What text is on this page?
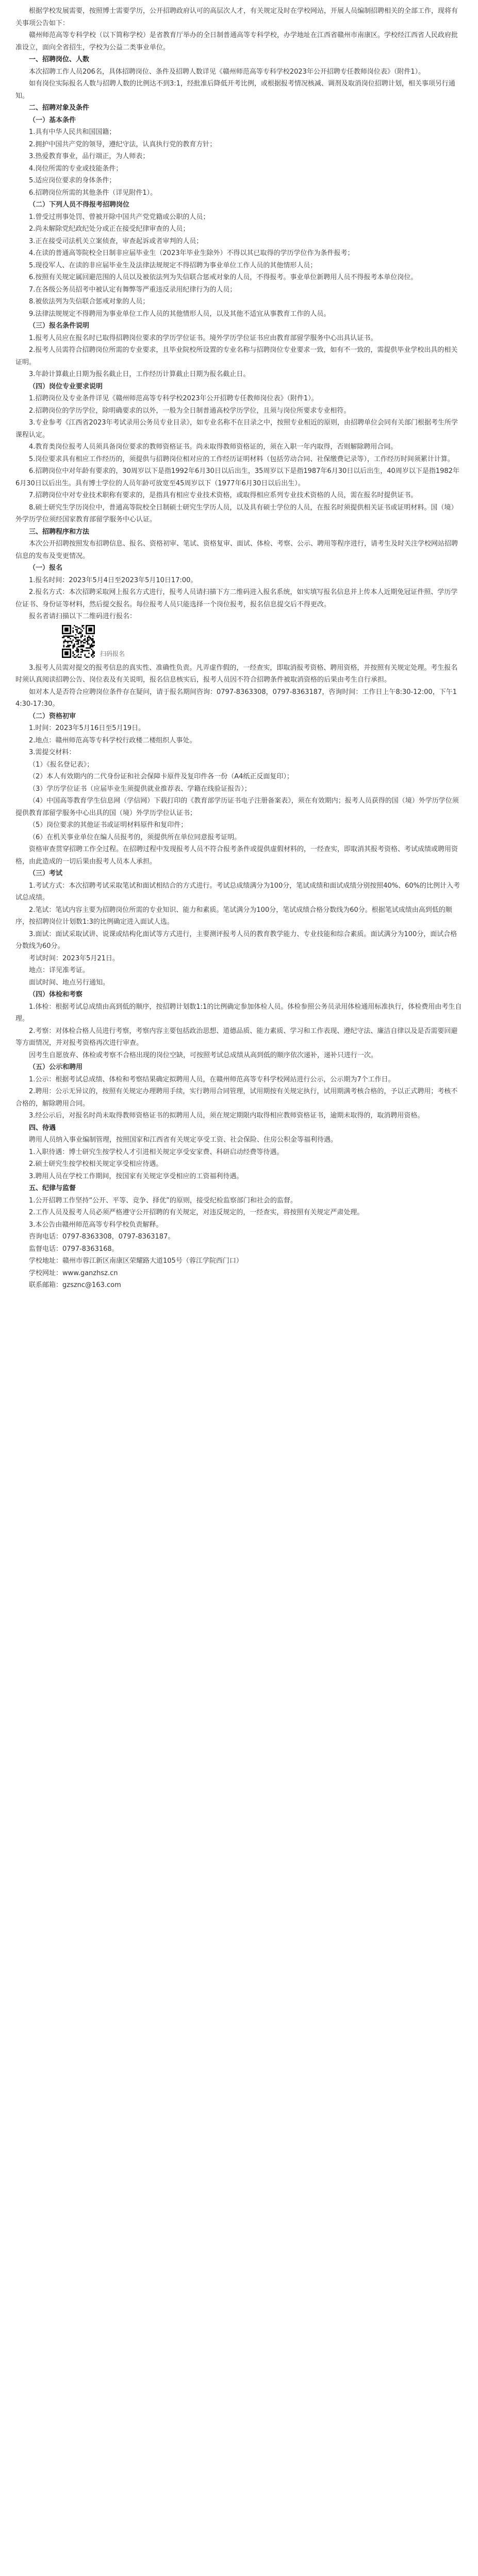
根据学校发展需要，按照博士需要学历，公开招聘政府认可的高层次人才，有关规定及时在学校网站，开展人员编制招聘相关的全部工作，现将有关事项公告如下：

赣州师范高等专科学校（以下简称学校）是省教育厅举办的全日制普通高等专科学校，办学地址在江西省赣州市南康区。学校经江西省人民政府批准设立，面向全省招生，学校为公益二类事业单位。

一、招聘岗位、人数

本次招聘工作人员206名，具体招聘岗位、条件及招聘人数详见《赣州师范高等专科学校2023年公开招聘专任教师岗位表》（附件1）。

如有岗位实际报名人数与招聘人数的比例达不到3:1，经批准后降低开考比例，或根据报考情况核减、调剂及取消岗位招聘计划，相关事项另行通知。

二、招聘对象及条件

（一）基本条件

1.具有中华人民共和国国籍；

2.拥护中国共产党的领导，遵纪守法，认真执行党的教育方针；

3.热爱教育事业，品行端正，为人师表；

4.岗位所需的专业或技能条件；

5.适应岗位要求的身体条件；

6.招聘岗位所需的其他条件（详见附件1）。

（二）下列人员不得报考招聘岗位

1.曾受过刑事处罚、曾被开除中国共产党党籍或公职的人员；

2.尚未解除党纪政纪处分或正在接受纪律审查的人员；

3.正在接受司法机关立案侦查，审查起诉或者审判的人员；

4.在读的普通高等院校全日制非应届毕业生（2023年毕业生除外）不得以其已取得的学历学位作为条件报考；

5.现役军人、在读的非应届毕业生及法律法规规定不得招聘为事业单位工作人员的其他情形人员；

6.按照有关规定属回避范围的人员以及被依法列为失信联合惩戒对象的人员，不得报考。事业单位新聘用人员不得报考本单位岗位。

7.在各级公务员招考中被认定有舞弊等严重违反录用纪律行为的人员；

8.被依法列为失信联合惩戒对象的人员；

9.法律法规规定不得聘用为事业单位工作人员的其他情形人员，以及其他不适宜从事教育工作的人员。

（三）报名条件说明

1.报考人员应在报名时已取得招聘岗位要求的学历学位证书。境外学历学位证书应由教育部留学服务中心出具认证书。

2.报考人员需符合招聘岗位所需的专业要求，且毕业院校所设置的专业名称与招聘岗位专业要求一致，如有不一致的，需提供毕业学校出具的相关证明。

3.年龄计算截止日期为报名截止日，工作经历计算截止日期为报名截止日。

（四）岗位专业要求说明

1.招聘岗位及专业条件详见《赣州师范高等专科学校2023年公开招聘专任教师岗位表》（附件1）。

2.招聘岗位的学历学位，除明确要求的以外，一般为全日制普通高校学历学位，且须与岗位所要求专业相符。

3.专业参考《江西省2023年考试录用公务员专业目录》，如专业名称不在目录之中，按照专业相近的原则，由招聘单位会同有关部门根据考生所学课程认定。

4.教育类岗位报考人员须具备岗位要求的教师资格证书。尚未取得教师资格证的，须在入职一年内取得，否则解除聘用合同。

5.岗位要求具有相应工作经历的，须提供与招聘岗位相对应的工作经历证明材料（包括劳动合同、社保缴费记录等），工作经历时间须累计计算。

6.招聘岗位中对年龄有要求的，30周岁以下是指1992年6月30日以后出生，35周岁以下是指1987年6月30日以后出生，40周岁以下是指1982年6月30日以后出生。具有博士学位的人员年龄可放宽至45周岁以下（1977年6月30日以后出生）。

7.招聘岗位中对专业技术职称有要求的，是指具有相应专业技术资格，或取得相应系列专业技术资格的人员，需在报名时提供证书。

8.硕士研究生学历岗位中，普通高等院校全日制硕士研究生学历人员，以及具有硕士学位的人员，在报名时须提供相关证书或证明材料。国（境）外学历学位须经国家教育部留学服务中心认证。

三、招聘程序和方法

本次公开招聘按照发布招聘信息、报名、资格初审、笔试、资格复审、面试、体检、考察、公示、聘用等程序进行，请考生及时关注学校网站招聘信息的发布及变更情况。

（一）报名

1.报名时间：2023年5月4日至2023年5月10日17:00。

2.报名方式：本次招聘采取网上报名方式进行，报考人员请扫描下方二维码进入报名系统，如实填写报名信息并上传本人近期免冠证件照、学历学位证书、身份证等材料，然后提交报名。每位报考人员只能选择一个岗位报考，报名信息提交后不得更改。

报名者请扫描以下二维码进行报名：

扫码报名

3.报考人员需对提交的报考信息的真实性、准确性负责。凡弄虚作假的，一经查实，即取消报考资格、聘用资格，并按照有关规定处理。考生报名时须认真阅读招聘公告、岗位表及有关说明，报名信息核实后，报考人员因不符合招聘条件被取消资格的后果由考生自行承担。

如对本人是否符合应聘岗位条件存在疑问，请于报名期间咨询：0797-8363308，0797-8363187，咨询时间：工作日上午8:30-12:00，下午14:30-17:30。

（二）资格初审

1.时间：2023年5月16日至5月19日。

2.地点：赣州师范高等专科学校行政楼二楼组织人事处。

3.需提交材料：

（1）《报名登记表》；

（2）本人有效期内的二代身份证和社会保障卡原件及复印件各一份（A4纸正反面复印）；

（3）学历学位证书（应届毕业生须提供就业推荐表、学籍在线验证报告）；

（4）中国高等教育学生信息网（学信网）下载打印的《教育部学历证书电子注册备案表》，须在有效期内；报考人员获得的国（境）外学历学位须提供教育部留学服务中心出具的国（境）外学历学位认证书；

（5）岗位要求的其他证书或证明材料原件和复印件；

（6）在机关事业单位在编人员报考的，须提供所在单位同意报考证明。

资格审查贯穿招聘工作全过程。在招聘过程中发现报考人员不符合报考条件或提供虚假材料的，一经查实，即取消其报考资格、考试成绩或聘用资格，由此造成的一切后果由报考人员本人承担。

（三）考试

1.考试方式：本次招聘考试采取笔试和面试相结合的方式进行。考试总成绩满分为100分，笔试成绩和面试成绩分别按照40%、60%的比例计入考试总成绩。

2.笔试：笔试内容主要为招聘岗位所需的专业知识、能力和素质。笔试满分为100分，笔试成绩合格分数线为60分。根据笔试成绩由高到低的顺序，按招聘岗位计划数1:3的比例确定进入面试人选。

3.面试：面试采取试讲、说课或结构化面试等方式进行，主要测评报考人员的教育教学能力、专业技能和综合素质。面试满分为100分，面试合格分数线为60分。

考试时间：2023年5月21日。

地点：详见准考证。

面试时间、地点另行通知。

（四）体检和考察

1.体检：根据考试总成绩由高到低的顺序，按招聘计划数1:1的比例确定参加体检人员。体检参照公务员录用体检通用标准执行，体检费用由考生自理。

2.考察：对体检合格人员进行考察，考察内容主要包括政治思想、道德品质、能力素质、学习和工作表现、遵纪守法、廉洁自律以及是否需要回避等方面情况，并对报考资格再次进行审查。

因考生自愿放弃、体检或考察不合格出现的岗位空缺，可按照考试总成绩从高到低的顺序依次递补，递补只进行一次。

（五）公示和聘用

1.公示：根据考试总成绩、体检和考察结果确定拟聘用人员，在赣州师范高等专科学校网站进行公示，公示期为7个工作日。

2.聘用：公示无异议的，按照有关规定办理聘用手续，实行聘用合同管理，试用期按有关规定执行，试用期满考核合格的，予以正式聘用；考核不合格的，解除聘用合同。

3.经公示后，对报名时尚未取得教师资格证书的拟聘用人员，须在规定期限内取得相应教师资格证书，逾期未取得的，取消聘用资格。

四、待遇

聘用人员纳入事业编制管理，按照国家和江西省有关规定享受工资、社会保险、住房公积金等福利待遇。

1.入职待遇：博士研究生按学校人才引进相关规定享受安家费、科研启动经费等待遇。

2.硕士研究生按学校相关规定享受相应待遇。

3.聘用人员在学校工作期间，按国家有关规定享受相应的工资福利待遇。

五、纪律与监督

1.公开招聘工作坚持“公开、平等、竞争、择优”的原则，接受纪检监察部门和社会的监督。

2.工作人员及报考人员必须严格遵守公开招聘的有关规定，对违反规定的，一经查实，将按照有关规定严肃处理。

3.本公告由赣州师范高等专科学校负责解释。

咨询电话：0797-8363308，0797-8363187。

监督电话：0797-8363168。

学校地址：赣州市蓉江新区南康区荣耀路大道105号（蓉江学院西门口）

学校网址：www.ganzhsz.cn

联系邮箱：gzsznc@163.com
